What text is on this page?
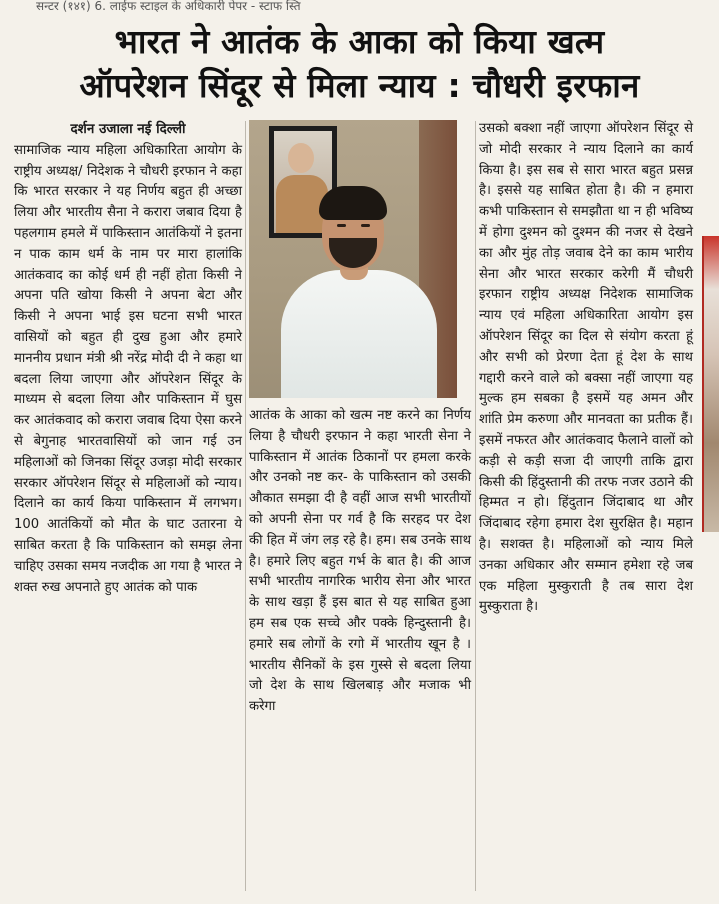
सन्टर (१४१) 6. लाईफ स्टाइल के अधिकारी पेपर - स्टाफ स्ति
भारत ने आतंक के आका को किया खत्म
ऑपरेशन सिंदूर से मिला न्याय : चौधरी इरफान
दर्शन उजाला नई दिल्ली

सामाजिक न्याय महिला अधिकारिता आयोग के राष्ट्रीय अध्यक्ष/ निदेशक ने चौधरी इरफान ने कहा कि भारत सरकार ने यह निर्णय बहुत ही अच्छा लिया और भारतीय सैना ने करारा जबाव दिया है पहलगाम हमले में पाकिस्तान आतंकियों ने इतना न पाक काम धर्म के नाम पर मारा हालांकि आतंकवाद का कोई धर्म ही नहीं होता किसी ने अपना पति खोया किसी ने अपना बेटा और किसी ने अपना भाई इस घटना सभी भारत वासियों को बहुत ही दुख हुआ और हमारे माननीय प्रधान मंत्री श्री नरेंद्र मोदी दी ने कहा था बदला लिया जाएगा और ऑपरेशन सिंदूर के माध्यम से बदला लिया और पाकिस्तान में घुस कर आतंकवाद को करारा जवाब दिया ऐसा करने से बेगुनाह भारतवासियों को जान गई उन महिलाओं को जिनका सिंदूर उजड़ा मोदी सरकार सरकार ऑपरेशन सिंदूर से महिलाओं को न्याय। दिलाने का कार्य किया पाकिस्तान में लगभग। 100 आतंकियों को मौत के घाट उतारना ये साबित करता है कि पाकिस्तान को समझ लेना चाहिए उसका समय नजदीक आ गया है भारत ने शक्त रुख अपनाते हुए आतंक को पाक

आतंक के आका को खत्म नष्ट करने का निर्णय लिया है चौधरी इरफान ने कहा भारती सेना ने पाकिस्तान में आतंक ठिकानों पर हमला करके और उनको नष्ट कर- के पाकिस्तान को उसकी औकात समझा दी है वहीं आज सभी भारतीयों को अपनी सेना पर गर्व है कि सरहद पर देश की हित में जंग लड़ रहे है। हम। सब उनके साथ है। हमारे लिए बहुत गर्भ के बात है। की आज सभी भारतीय नागरिक भारीय सेना और भारत के साथ खड़ा हैं इस बात से यह साबित हुआ हम सब एक सच्चे और पक्के हिन्दुस्तानी है। हमारे सब लोगों के रगो में भारतीय खून है । भारतीय सैनिकों के इस गुस्से से बदला लिया जो देश के साथ खिलबाड़ और मजाक भी करेगा

उसको बक्शा नहीं जाएगा ऑपरेशन सिंदूर से जो मोदी सरकार ने न्याय दिलाने का कार्य किया है। इस सब से सारा भारत बहुत प्रसन्न है। इससे यह साबित होता है। की न हमारा कभी पाकिस्तान से समझौता था न ही भविष्य में होगा दुश्मन को दुश्मन की नजर से देखने का और मुंह तोड़ जवाब देने का काम भारीय सेना और भारत सरकार करेगी मैं चौधरी इरफान राष्ट्रीय अध्यक्ष निदेशक सामाजिक न्याय एवं महिला अधिकारिता आयोग इस ऑपरेशन सिंदूर का दिल से संयोग करता हूं और सभी को प्रेरणा देता हूं देश के साथ गद्दारी करने वाले को बक्सा नहीं जाएगा यह मुल्क हम सबका है इसमें यह अमन और शांति प्रेम करुणा और मानवता का प्रतीक हैं। इसमें नफरत और आतंकवाद फैलाने वालों को कड़ी से कड़ी सजा दी जाएगी ताकि द्वारा किसी की हिंदुस्तानी की तरफ नजर उठाने की हिम्मत न हो। हिंदुतान जिंदाबाद था और जिंदाबाद रहेगा हमारा देश सुरक्षित है। महान है। सशक्त है। महिलाओं को न्याय मिले उनका अधिकार और सम्मान हमेशा रहे जब एक महिला मुस्कुराती है तब सारा देश मुस्कुराता है।
